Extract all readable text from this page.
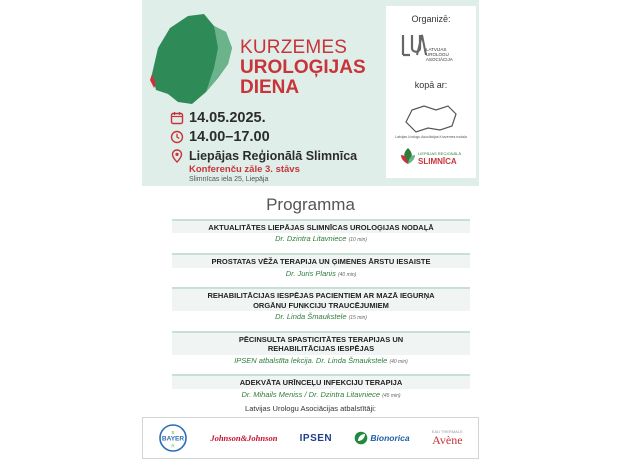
KURZEMES
UROLOĢIJAS
DIENA
14.05.2025.
14.00–17.00
Liepājas Reģionālā Slimnīca
Konferenču zāle 3. stāvs
Slimnīcas iela 25, Liepāja
Organizē:
LATVIJAS UROLOGU ASOCIĀCIJA
kopā ar:
Latvijas Urologu Asociācijas Kurzemes nodaļa
LIEPĀJAS REĢIONĀLĀ
SLIMNĪCA
Programma
AKTUALITĀTES LIEPĀJAS SLIMNĪCAS UROLOĢIJAS NODAĻĀ
Dr. Dzintra Litavniece (10 min)
PROSTATAS VĒŽA TERAPIJA UN ĢIMENES ĀRSTU IESAISTE
Dr. Juris Planis (40 min)
REHABILITĀCIJAS IESPĒJAS PACIENTIEM AR MAZĀ IEGURŅA ORGĀNU FUNKCIJU TRAUCĒJUMIEM
Dr. Linda Šmaukstele (15 min)
PĒCINSULTA SPASTICITĀTES TERAPIJAS UN REHABILITĀCIJAS IESPĒJAS
IPSEN atbalstīta lekcija. Dr. Linda Šmaukstele (40 min)
ADEKVĀTA URĪNCEĻU INFEKCIJU TERAPIJA
Dr. Mihails Meniss / Dr. Dzintra Litavniece (45 min)
Latvijas Urologu Asociācijas atbalstītāji:
BAYER
B
R
Johnson&Johnson IPSEN	Bionorica
EAU THERMALE
Avène
